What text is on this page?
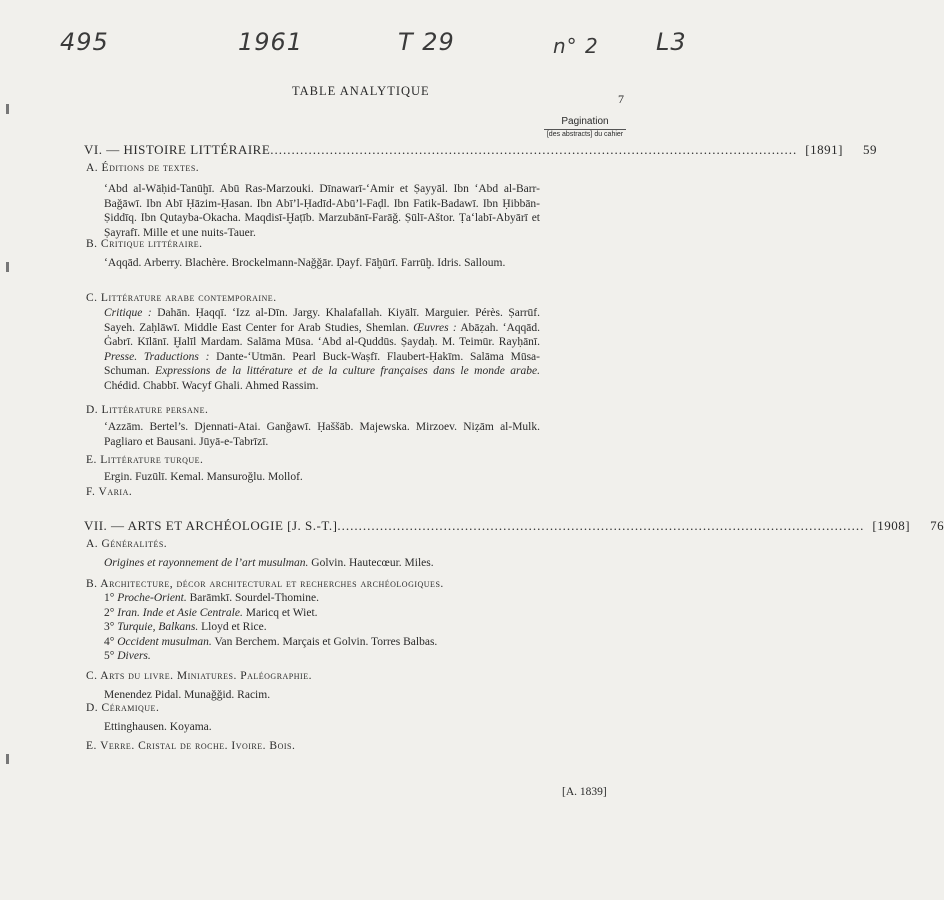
495	1961	T 29	n° 2 L3
TABLE ANALYTIQUE
7
Pagination
[des abstracts] du cahier
VI. — HISTOIRE LITTÉRAIRE ............................................................................................................................ [1891] 59
A. Éditions de textes.
‘Abd al-Wāḥid-Tanūḫī. Abū Ras-Marzouki. Dīnawarī-‘Amir et Ṣayyāl. Ibn ‘Abd al-Barr-Baǧāwī. Ibn Abī Ḥāzim-Ḥasan. Ibn Abī’l-Ḥadīd-Abū’l-Faḍl. Ibn Fatik-Badawī. Ibn Ḥibbān-Ṣiddīq. Ibn Qutayba-Okacha. Maqdisī-Ḫaṭīb. Marzubānī-Farāǧ. Ṣūlī-Aštor. Ṭa‘labī-Abyārī et Ṣayrafī. Mille et une nuits-Tauer.
B. Critique littéraire.
‘Aqqād. Arberry. Blachère. Brockelmann-Naǧǧār. Ḍayf. Fāḫūrī. Farrūḫ. Idris. Salloum.
C. Littérature arabe contemporaine.
Critique : Dahān. Ḥaqqī. ‘Izz al-Dīn. Jargy. Khalafallah. Kiyālī. Marguier. Pérès. Ṣarrūf. Sayeh. Zaḥlāwī. Middle East Center for Arab Studies, Shemlan. Œuvres : Abāẓah. ‘Aqqād. Ġabrī. Kīlānī. Ḫalīl Mardam. Salāma Mūsa. ‘Abd al-Quddūs. Ṣaydaḥ. M. Teimūr. Rayḥānī. Presse. Traductions : Dante-‘Utmān. Pearl Buck-Waṣfī. Flaubert-Ḥakīm. Salāma Mūsa-Schuman. Expressions de la littérature et de la culture françaises dans le monde arabe. Chédid. Chabbī. Wacyf Ghali. Ahmed Rassim.
D. Littérature persane.
‘Azzām. Bertel’s. Djennati-Atai. Ganǧawī. Ḥaššāb. Majewska. Mirzoev. Niẓām al-Mulk. Pagliaro et Bausani. Jūyā-e-Tabrīzī.
E. Littérature turque.
Ergin. Fuzūlī. Kemal. Mansuroğlu. Mollof.
F. Varia.
VII. — ARTS ET ARCHÉOLOGIE [J. S.-T.] ............................................................................................................................ [1908] 76
A. Généralités.
Origines et rayonnement de l’art musulman. Golvin. Hautecœur. Miles.
B. Architecture, décor architectural et recherches archéologiques.
1° Proche-Orient. Barāmkī. Sourdel-Thomine.
2° Iran. Inde et Asie Centrale. Maricq et Wiet.
3° Turquie, Balkans. Lloyd et Rice.
4° Occident musulman. Van Berchem. Marçais et Golvin. Torres Balbas.
5° Divers.
C. Arts du livre. Miniatures. Paléographie.
Menendez Pidal. Munaǧǧid. Racim.
D. Céramique.
Ettinghausen. Koyama.
E. Verre. Cristal de roche. Ivoire. Bois.
[A. 1839]
